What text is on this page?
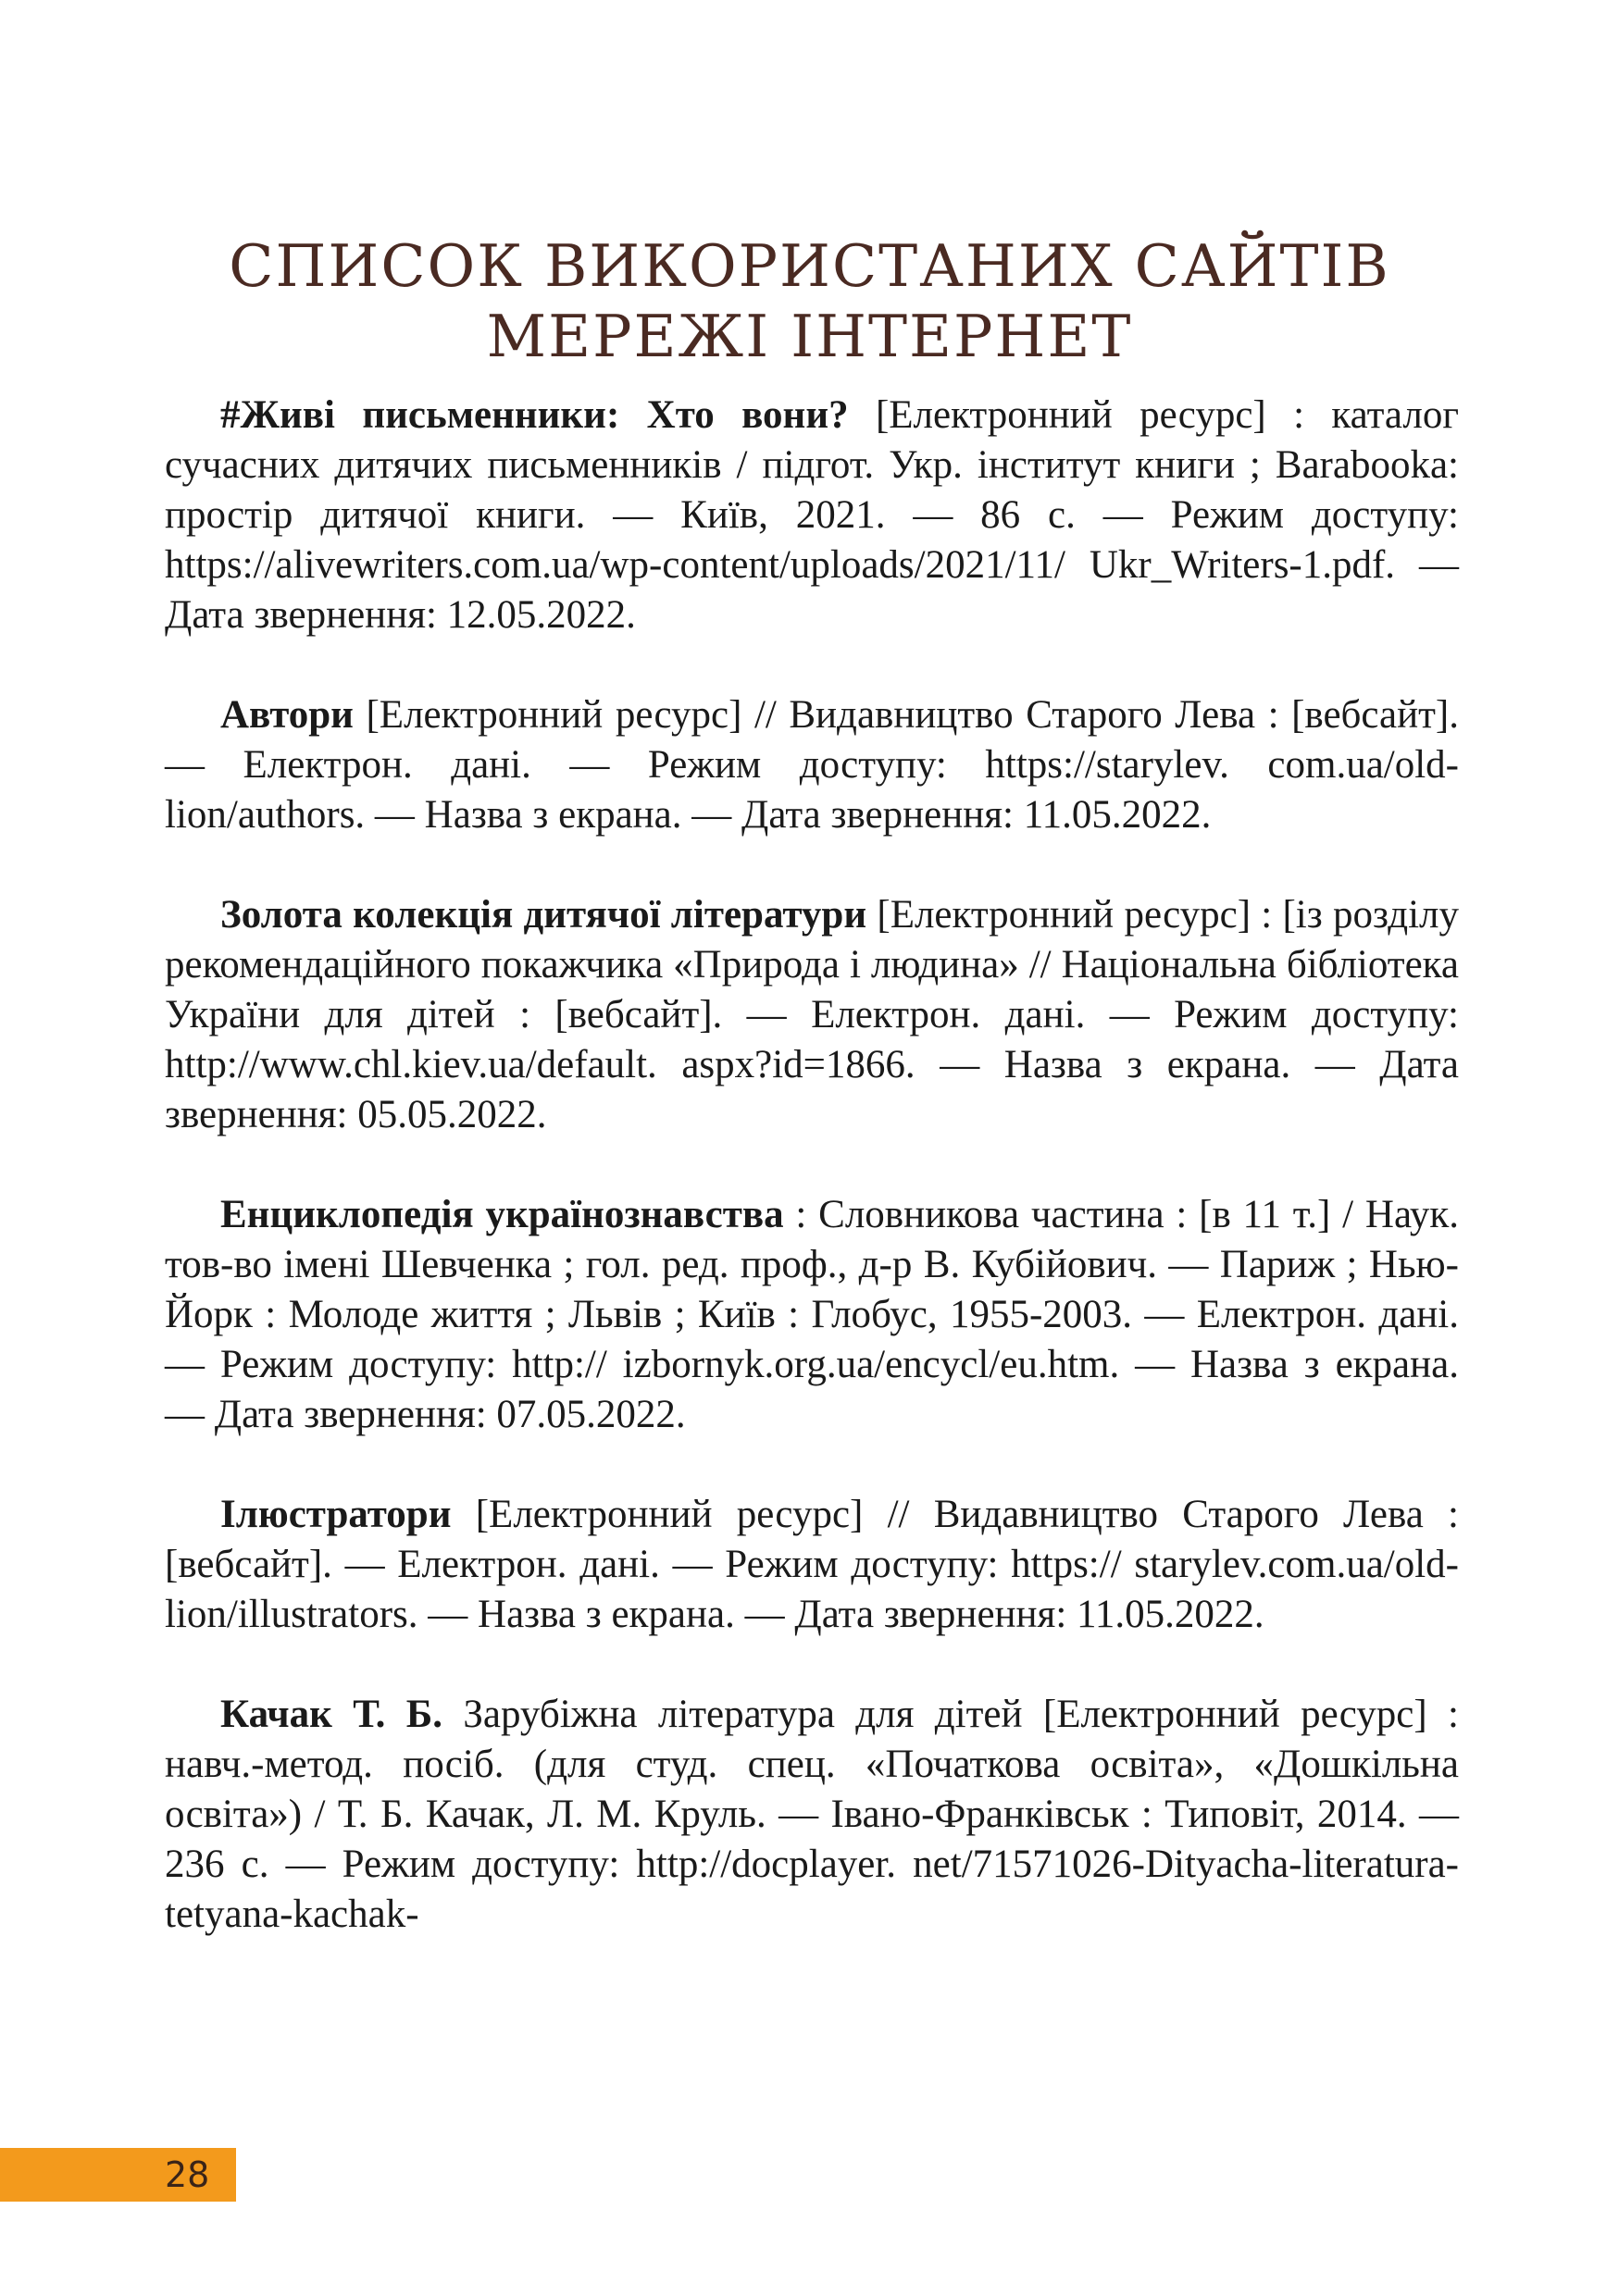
СПИСОК ВИКОРИСТАНИХ САЙТІВ
МЕРЕЖІ ІНТЕРНЕТ

#Живі письменники: Хто вони? [Електронний ресурс] : каталог сучасних дитячих письменників / підгот. Укр. інститут книги ; Barabooka: простір дитячої книги. — Київ, 2021. — 86 с. — Режим доступу: https://alivewriters.com.ua/wp-content/uploads/2021/11/ Ukr_Writers-1.pdf. — Дата звернення: 12.05.2022.

Автори [Електронний ресурс] // Видавництво Старого Лева : [вебсайт]. — Електрон. дані. — Режим доступу: https://starylev. com.ua/old-lion/authors. — Назва з екрана. — Дата звернення: 11.05.2022.

Золота колекція дитячої літератури [Електронний ресурс] : [із розділу рекомендаційного покажчика «Природа і людина» // Національна бібліотека України для дітей : [вебсайт]. — Електрон. дані. — Режим доступу: http://www.chl.kiev.ua/default. aspx?id=1866. — Назва з екрана. — Дата звернення: 05.05.2022.

Енциклопедія українознавства : Словникова частина : [в 11 т.] / Наук. тов-во імені Шевченка ; гол. ред. проф., д-р В. Кубійович. — Париж ; Нью-Йорк : Молоде життя ; Львів ; Київ : Глобус, 1955-2003. — Електрон. дані. — Режим доступу: http:// izbornyk.org.ua/encycl/eu.htm. — Назва з екрана. — Дата звернення: 07.05.2022.

Ілюстратори [Електронний ресурс] // Видавництво Старого Лева : [вебсайт]. — Електрон. дані. — Режим доступу: https:// starylev.com.ua/old-lion/illustrators. — Назва з екрана. — Дата звернення: 11.05.2022.

Качак Т. Б. Зарубіжна література для дітей [Електронний ресурс] : навч.-метод. посіб. (для студ. спец. «Початкова освіта», «Дошкільна освіта») / Т. Б. Качак, Л. М. Круль. — Івано-Франківськ : Типовіт, 2014. — 236 с. — Режим доступу: http://docplayer. net/71571026-Dityacha-literatura-tetyana-kachak-

28
